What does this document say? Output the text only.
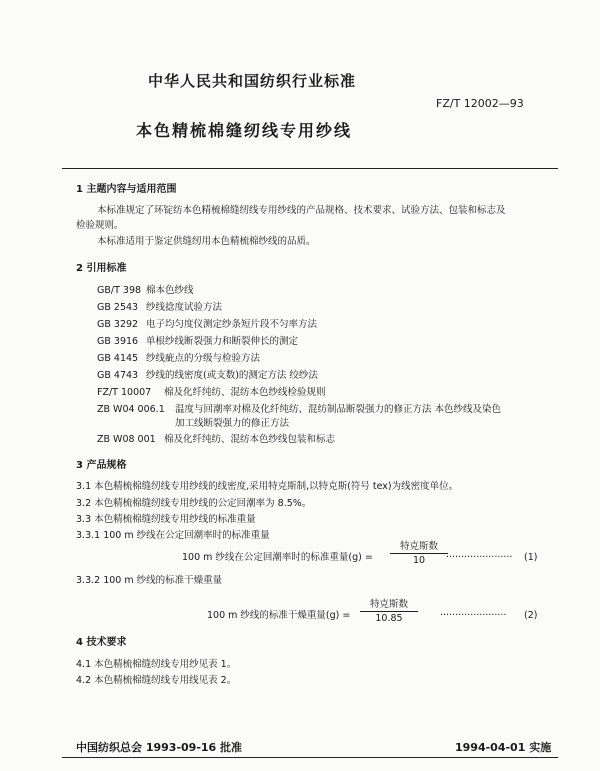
中华人民共和国纺织行业标准
FZ/T 12002—93
本色精梳棉缝纫线专用纱线
1 主题内容与适用范围
本标准规定了环锭纺本色精梳棉缝纫线专用纱线的产品规格、技术要求、试验方法、包装和标志及
检验规则。
本标准适用于鉴定供缝纫用本色精梳棉纱线的品质。
2 引用标准
GB/T 398 棉本色纱线
GB 2543 纱线捻度试验方法
GB 3292 电子均匀度仪测定纱条短片段不匀率方法
GB 3916 单根纱线断裂强力和断裂伸长的测定
GB 4145 纱线疵点的分级与检验方法
GB 4743 纱线的线密度(或支数)的测定方法 绞纱法
FZ/T 10007 棉及化纤纯纺、混纺本色纱线检验规则
ZB W04 006.1 温度与回潮率对棉及化纤纯纺、混纺制品断裂强力的修正方法 本色纱线及染色
加工线断裂强力的修正方法
ZB W08 001 棉及化纤纯纺、混纺本色纱线包装和标志
3 产品规格
3.1 本色精梳棉缝纫线专用纱线的线密度,采用特克斯制,以特克斯(符号 tex)为线密度单位。
3.2 本色精梳棉缝纫线专用纱线的公定回潮率为 8.5%。
3.3 本色精梳棉缝纫线专用纱线的标准重量
3.3.1 100 m 纱线在公定回潮率时的标准重量
100 m 纱线在公定回潮率时的标准重量(g) =
特克斯数
10	······················ (1)
3.3.2 100 m 纱线的标准干燥重量
100 m 纱线的标准干燥重量(g) =
特克斯数
10.85	······················ (2)
4 技术要求
4.1 本色精梳棉缝纫线专用纱见表 1。
4.2 本色精梳棉缝纫线专用线见表 2。
中国纺织总会 1993-09-16 批准	1994-04-01 实施
